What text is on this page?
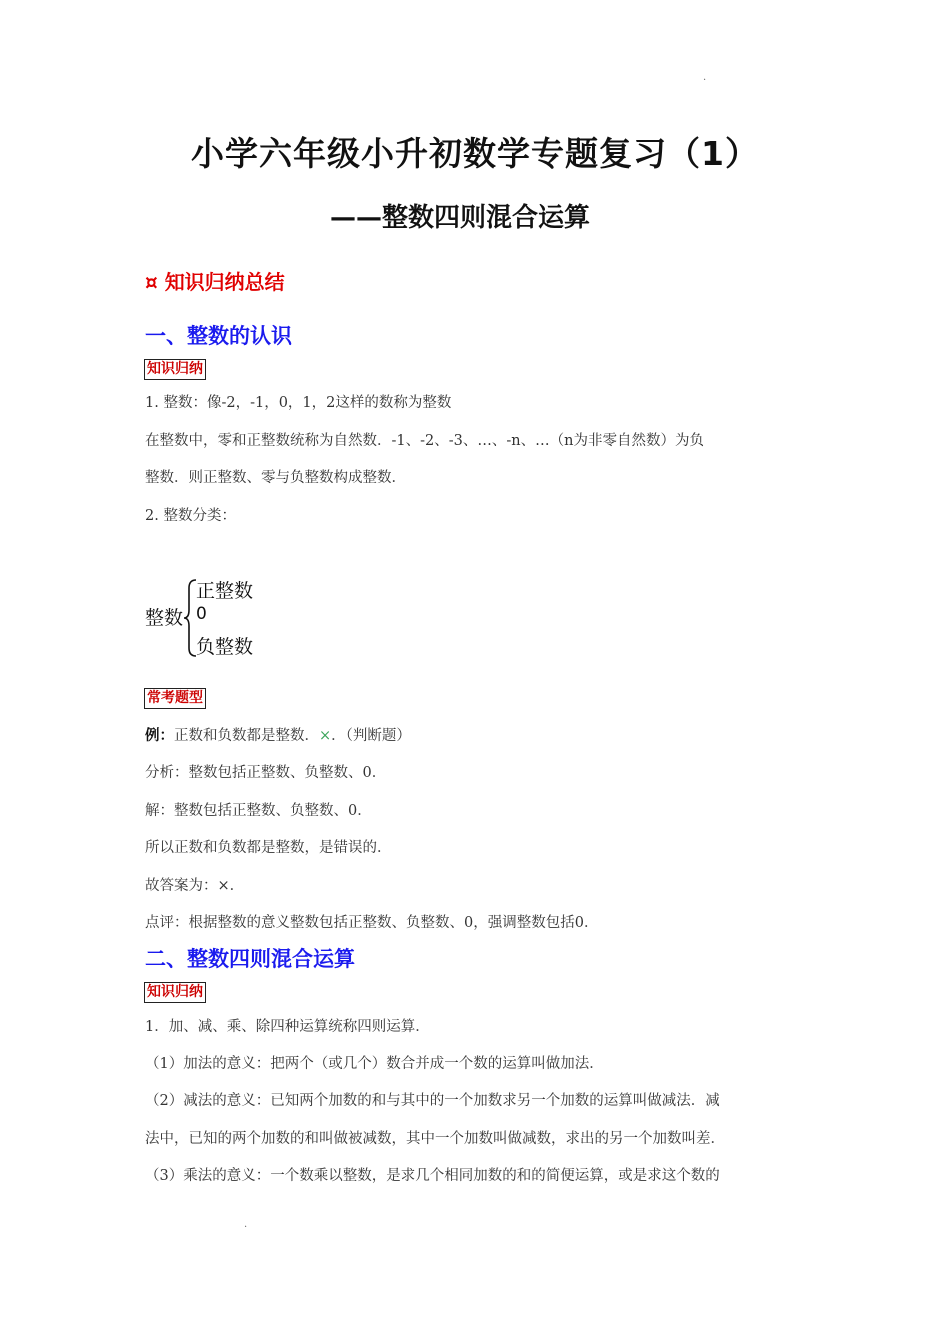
.
小学六年级小升初数学专题复习（1）
——整数四则混合运算
¤ 知识归纳总结
一、整数的认识
知识归纳
1. 整数：像-2，-1，0，1，2这样的数称为整数
在整数中，零和正整数统称为自然数．-1、-2、-3、…、-n、…（n为非零自然数）为负
整数．则正整数、零与负整数构成整数．
2. 整数分类：
整数
正整数
0
负整数
常考题型
例：正数和负数都是整数．×．（判断题）
分析：整数包括正整数、负整数、0．
解：整数包括正整数、负整数、0．
所以正数和负数都是整数，是错误的．
故答案为：×．
点评：根据整数的意义整数包括正整数、负整数、0，强调整数包括0．
二、整数四则混合运算
知识归纳
1．加、减、乘、除四种运算统称四则运算．
（1）加法的意义：把两个（或几个）数合并成一个数的运算叫做加法．
（2）减法的意义：已知两个加数的和与其中的一个加数求另一个加数的运算叫做减法．减
法中，已知的两个加数的和叫做被减数，其中一个加数叫做减数，求出的另一个加数叫差．
（3）乘法的意义：一个数乘以整数，是求几个相同加数的和的简便运算，或是求这个数的
.
